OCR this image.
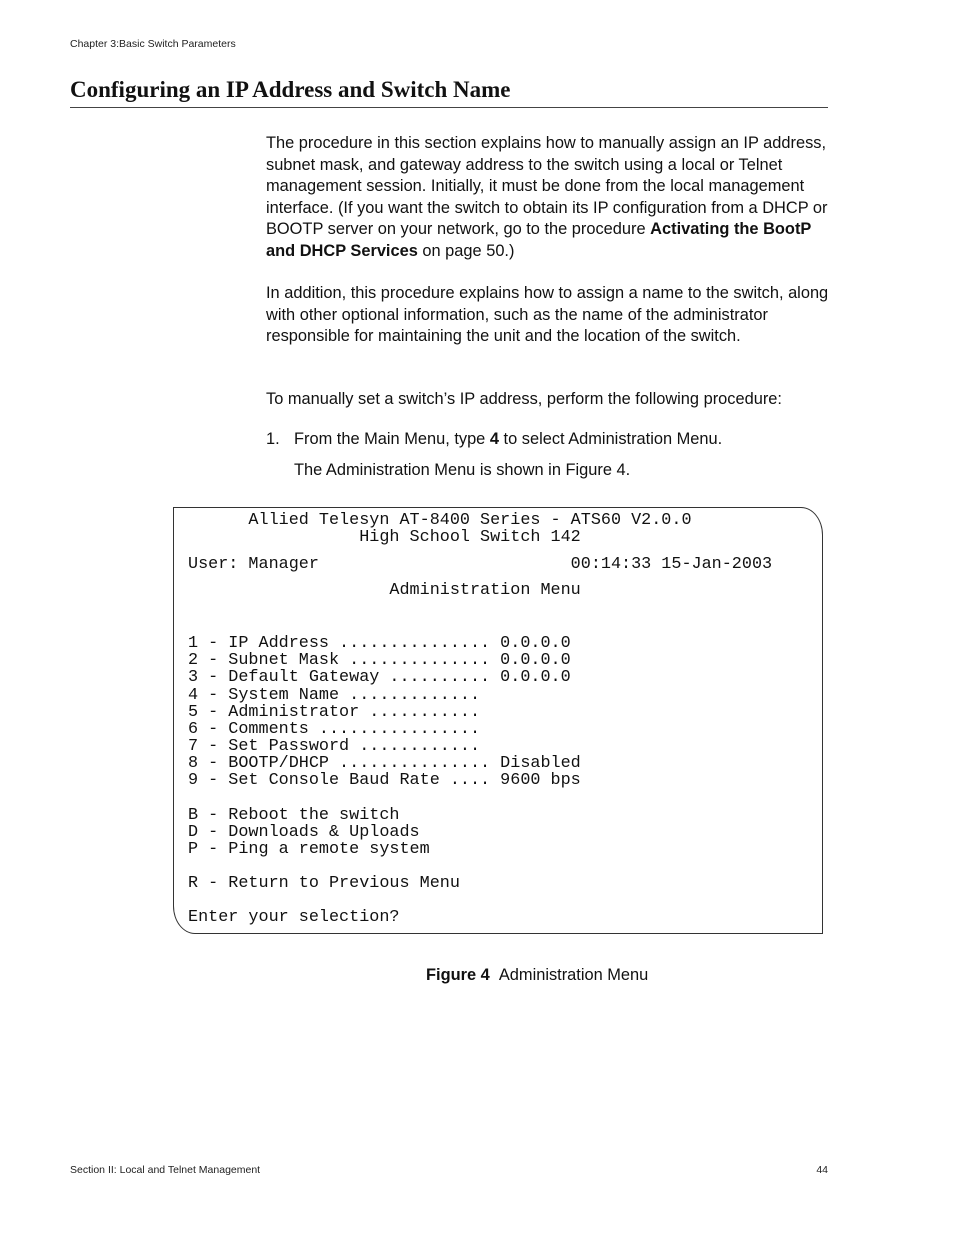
Chapter 3:Basic Switch Parameters
Configuring an IP Address and Switch Name

The procedure in this section explains how to manually assign an IP address, subnet mask, and gateway address to the switch using a local or Telnet management session. Initially, it must be done from the local management interface. (If you want the switch to obtain its IP configuration from a DHCP or BOOTP server on your network, go to the procedure Activating the BootP and DHCP Services on page 50.)

In addition, this procedure explains how to assign a name to the switch, along with other optional information, such as the name of the administrator responsible for maintaining the unit and the location of the switch.

To manually set a switch’s IP address, perform the following procedure:

1. From the Main Menu, type 4 to select Administration Menu.
The Administration Menu is shown in Figure 4.
Allied Telesyn AT-8400 Series - ATS60 V2.0.0
High School Switch 142
User: Manager                         00:14:33 15-Jan-2003
Administration Menu
1 - IP Address ............... 0.0.0.0
2 - Subnet Mask .............. 0.0.0.0
3 - Default Gateway .......... 0.0.0.0
4 - System Name .............
5 - Administrator ...........
6 - Comments ................
7 - Set Password ............
8 - BOOTP/DHCP ............... Disabled
9 - Set Console Baud Rate .... 9600 bps
B - Reboot the switch
D - Downloads & Uploads
P - Ping a remote system
R - Return to Previous Menu
Enter your selection?
Figure 4 Administration Menu
Section II: Local and Telnet Management	44
